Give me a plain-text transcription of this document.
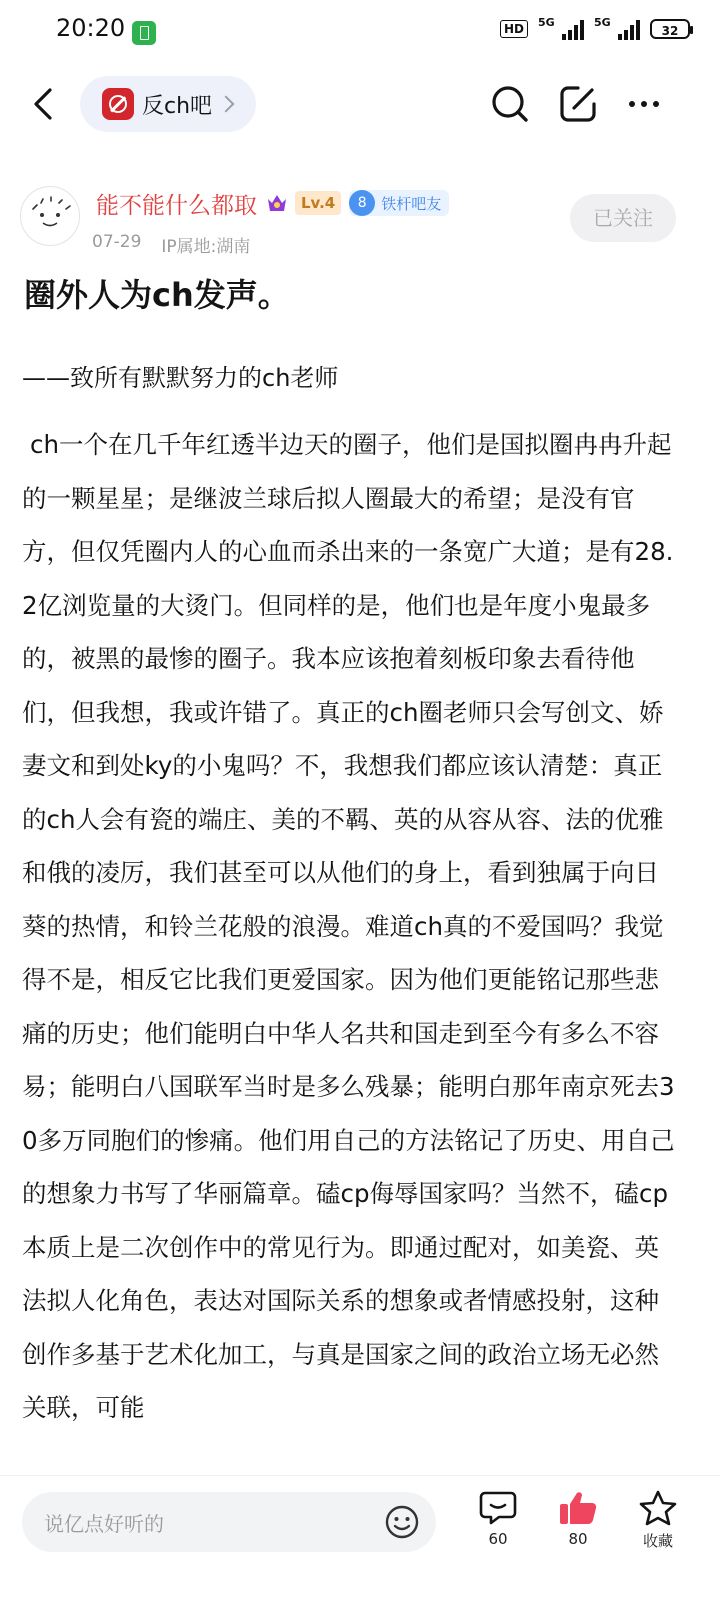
20:20	HD	5G	5G
32
反ch吧
能不能什么都取	Lv.4	8 铁杆吧友
07-29 IP属地:湖南
已关注
圈外人为ch发声。
——致所有默默努力的ch老师
ch一个在几千年红透半边天的圈子，他们是国拟圈冉冉升起的一颗星星；是继波兰球后拟人圈最大的希望；是没有官方，但仅凭圈内人的心血而杀出来的一条宽广大道；是有28.2亿浏览量的大烫门。但同样的是，他们也是年度小鬼最多的，被黑的最惨的圈子。我本应该抱着刻板印象去看待他们，但我想，我或许错了。真正的ch圈老师只会写创文、娇妻文和到处ky的小鬼吗？不，我想我们都应该认清楚：真正的ch人会有瓷的端庄、美的不羁、英的从容从容、法的优雅和俄的凌厉，我们甚至可以从他们的身上，看到独属于向日葵的热情，和铃兰花般的浪漫。难道ch真的不爱国吗？我觉得不是，相反它比我们更爱国家。因为他们更能铭记那些悲痛的历史；他们能明白中华人名共和国走到至今有多么不容易；能明白八国联军当时是多么残暴；能明白那年南京死去30多万同胞们的惨痛。他们用自己的方法铭记了历史、用自己的想象力书写了华丽篇章。磕cp侮辱国家吗？当然不，磕cp本质上是二次创作中的常见行为。即通过配对，如美瓷、英法拟人化角色，表达对国际关系的想象或者情感投射，这种创作多基于艺术化加工，与真是国家之间的政治立场无必然关联，可能
说亿点好听的
60	80	收藏
